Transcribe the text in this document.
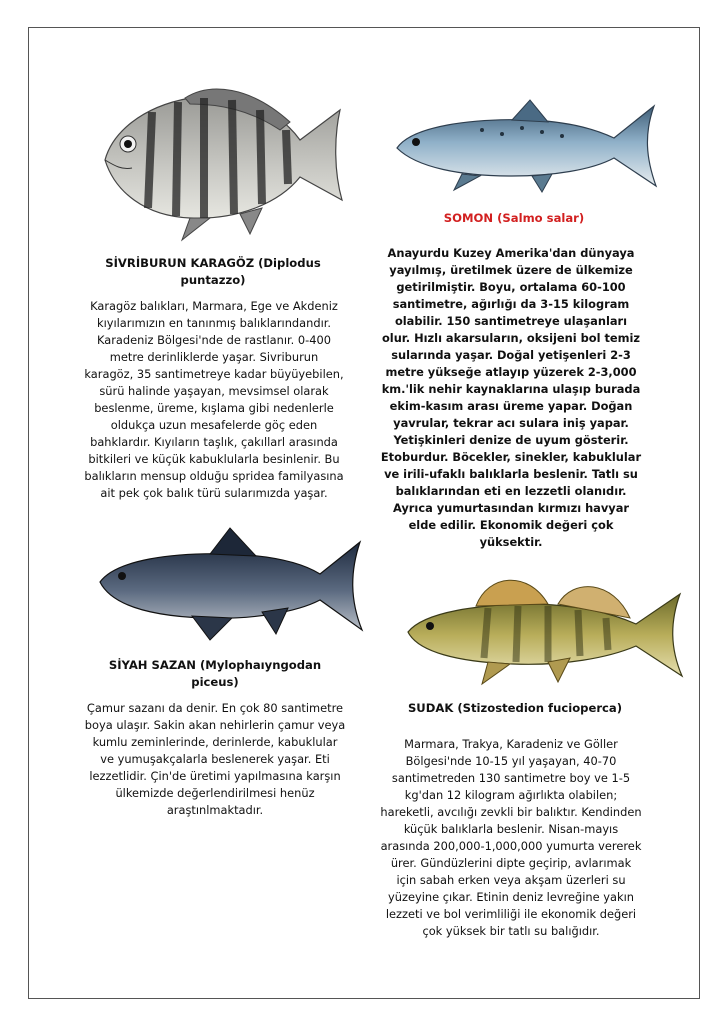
SİVRİBURUN KARAGÖZ (Diplodus puntazzo)
Karagöz balıkları, Marmara, Ege ve Akdeniz kıyılarımızın en tanınmış balıklarındandır. Karadeniz Bölgesi'nde de rastlanır. 0-400 metre derinliklerde yaşar. Sivriburun karagöz, 35 santimetreye kadar büyüyebilen, sürü halinde yaşayan, mevsimsel olarak beslenme, üreme, kışlama gibi nedenlerle oldukça uzun mesafelerde göç eden bahklardır. Kıyıların taşlık, çakıllarl arasında bitkileri ve küçük kabuklularla besinlenir. Bu balıkların mensup olduğu spridea familyasına ait pek çok balık türü sularımızda yaşar.
SOMON (Salmo salar)
Anayurdu Kuzey Amerika'dan dünyaya yayılmış, üretilmek üzere de ülkemize getirilmiştir. Boyu, ortalama 60-100 santimetre, ağırlığı da 3-15 kilogram olabilir. 150 santimetreye ulaşanları olur. Hızlı akarsuların, oksijeni bol temiz sularında yaşar. Doğal yetişenleri 2-3 metre yükseğe atlayıp yüzerek 2-3,000 km.'lik nehir kaynaklarına ulaşıp burada ekim-kasım arası üreme yapar. Doğan yavrular, tekrar acı sulara iniş yapar. Yetişkinleri denize de uyum gösterir. Etoburdur. Böcekler, sinekler, kabuklular ve irili-ufaklı balıklarla beslenir. Tatlı su balıklarından eti en lezzetli olanıdır. Ayrıca yumurtasından kırmızı havyar elde edilir. Ekonomik değeri çok yüksektir.
SİYAH SAZAN (Mylophaıyngodan piceus)
Çamur sazanı da denir. En çok 80 santimetre boya ulaşır. Sakin akan nehirlerin çamur veya kumlu zeminlerinde, derinlerde, kabuklular ve yumuşakçalarla beslenerek yaşar. Eti lezzetlidir. Çin'de üretimi yapılmasına karşın ülkemizde değerlendirilmesi henüz araştınlmaktadır.
SUDAK (Stizostedion fucioperca)
Marmara, Trakya, Karadeniz ve Göller Bölgesi'nde 10-15 yıl yaşayan, 40-70 santimetreden 130 santimetre boy ve 1-5 kg'dan 12 kilogram ağırlıkta olabilen; hareketli, avcılığı zevkli bir balıktır. Kendinden küçük balıklarla beslenir. Nisan-mayıs arasında 200,000-1,000,000 yumurta vererek ürer. Gündüzlerini dipte geçirip, avlarımak için sabah erken veya akşam üzerleri su yüzeyine çıkar. Etinin deniz levreğine yakın lezzeti ve bol verimliliği ile ekonomik değeri çok yüksek bir tatlı su balığıdır.
